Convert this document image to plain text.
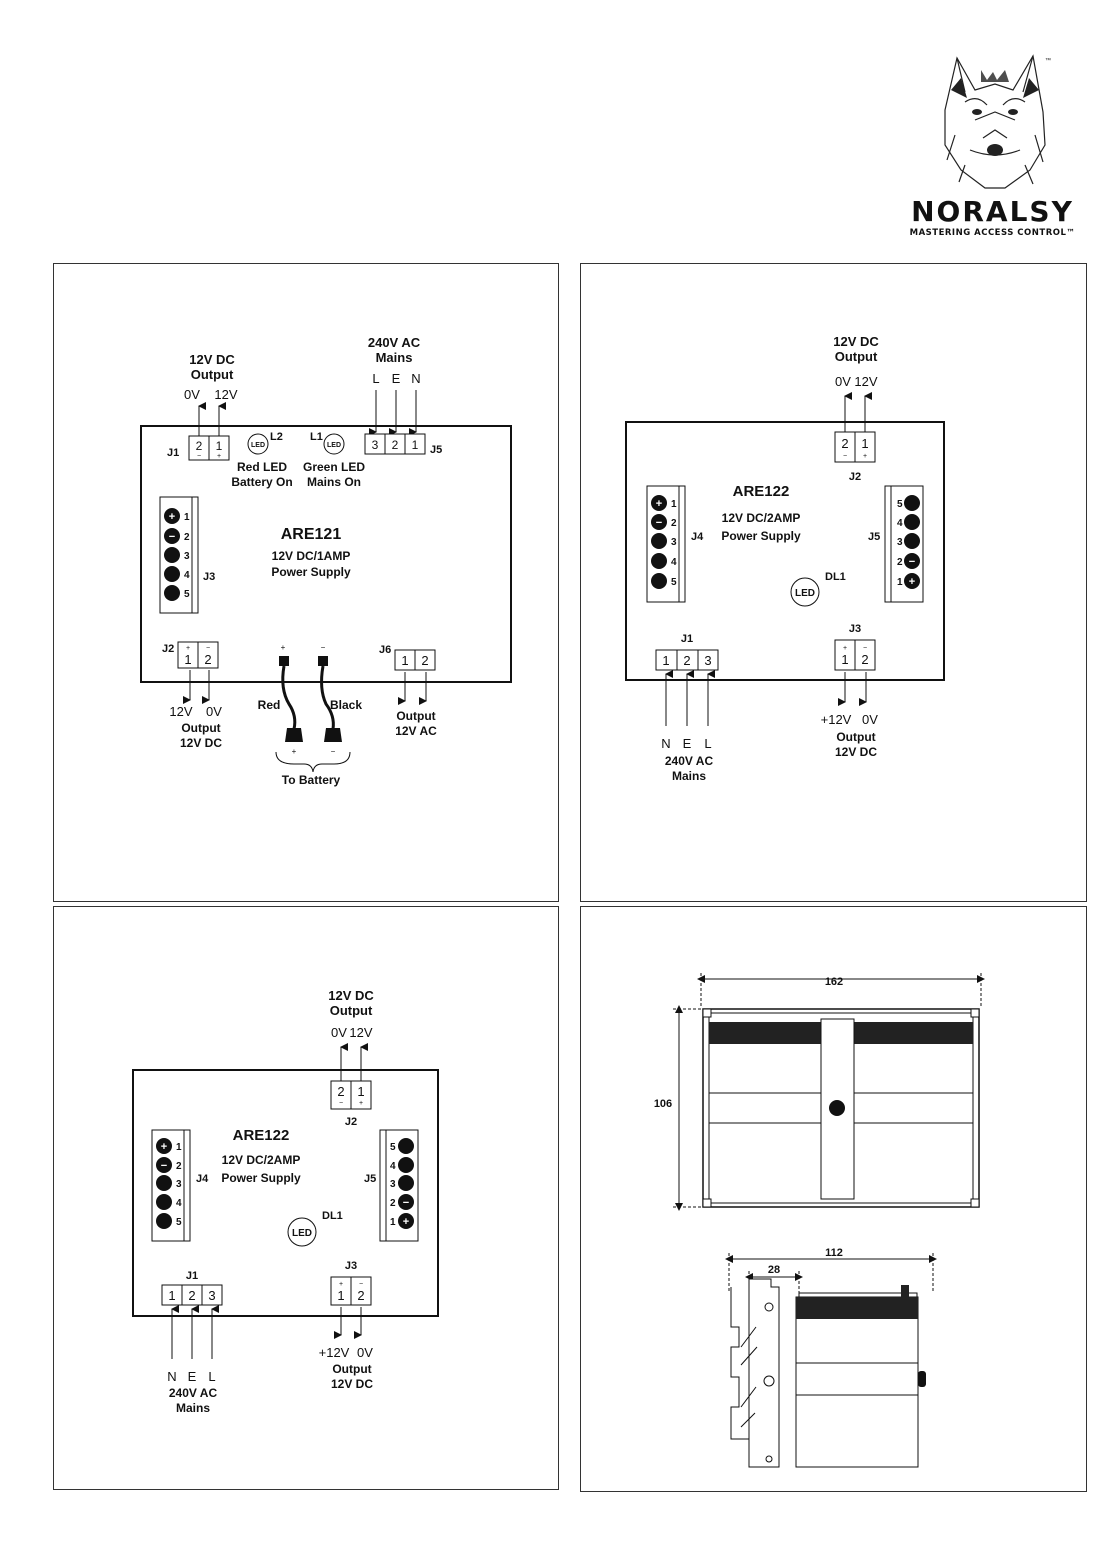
™
NORALSY
MASTERING ACCESS CONTROL™
12V DC
Output
0V 12V
2 1
− +
J1
LED
L2
Red LED
Battery On
LED
L1
Green LED
Mains On
240V AC
Mains
L E N
3 2 1 J5
+
−
1
2
3
4
5
J3
ARE121
12V DC/1AMP
Power Supply
+ −
1 2
J2
12V 0V
Output
12V DC
+	−
Red	Black
+	−
To Battery
1 2
J6
Output
12V AC
12V DC
Output
0V 12V
2 1
− +
J2
ARE122
12V DC/2AMP
Power Supply
+
−
1
2
3
4
5
J4
−
+
5
4
3
2
1
J5
LED
DL1
J1
1 2 3
N E L
240V AC
Mains
J3
+ −
1 2
+12V 0V
Output
12V DC
12V DC
Output
0V 12V
2 1
− +
J2
ARE122
12V DC/2AMP
Power Supply
+
−
1
2
3
4
5
J4
−
+
5
4
3
2
1
J5
LED
DL1
J1
1 2 3
N E L
240V AC
Mains
J3
+ −
1 2
+12V 0V
Output
12V DC
162
106
112
28
